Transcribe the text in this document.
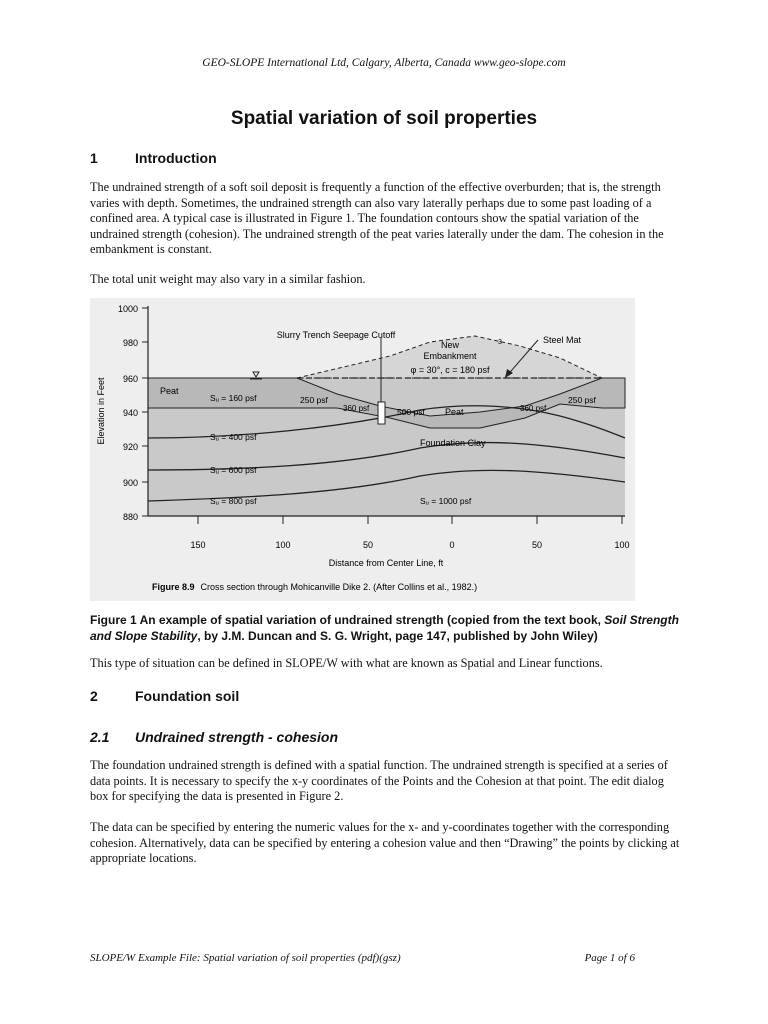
GEO-SLOPE International Ltd, Calgary, Alberta, Canada www.geo-slope.com
Spatial variation of soil properties
1	Introduction
The undrained strength of a soft soil deposit is frequently a function of the effective overburden; that is, the strength varies with depth. Sometimes, the undrained strength can also vary laterally perhaps due to some past loading of a confined area. A typical case is illustrated in Figure 1. The foundation contours show the spatial variation of the undrained strength (cohesion). The undrained strength of the peat varies laterally under the dam. The cohesion in the embankment is constant.
The total unit weight may also vary in a similar fashion.
1000
980
960
940
920
900
880
150	100	50	0	50	100
Elevation in Feet
Distance from Center Line, ft
Slurry Trench Seepage Cutoff	Steel Mat
3
New
Embankment
φ = 30°, c = 180 psf
Peat
Sᵤ = 160 psf	250 psf
360 psf	500 psf Peat	360 psf
250 psf
Sᵤ = 400 psf
Foundation Clay
Sᵤ = 600 psf
Sᵤ = 800 psf	Sᵤ = 1000 psf
Figure 8.9 Cross section through Mohicanville Dike 2. (After Collins et al., 1982.)
Figure 1 An example of spatial variation of undrained strength (copied from the text book, Soil Strength and Slope Stability, by J.M. Duncan and S. G. Wright, page 147, published by John Wiley)
This type of situation can be defined in SLOPE/W with what are known as Spatial and Linear functions.
2	Foundation soil
2.1 Undrained strength - cohesion
The foundation undrained strength is defined with a spatial function. The undrained strength is specified at a series of data points. It is necessary to specify the x-y coordinates of the Points and the Cohesion at that point. The edit dialog box for specifying the data is presented in Figure 2.
The data can be specified by entering the numeric values for the x- and y-coordinates together with the corresponding cohesion. Alternatively, data can be specified by entering a cohesion value and then “Drawing” the points by clicking at appropriate locations.
SLOPE/W Example File: Spatial variation of soil properties (pdf)(gsz)	Page 1 of 6
